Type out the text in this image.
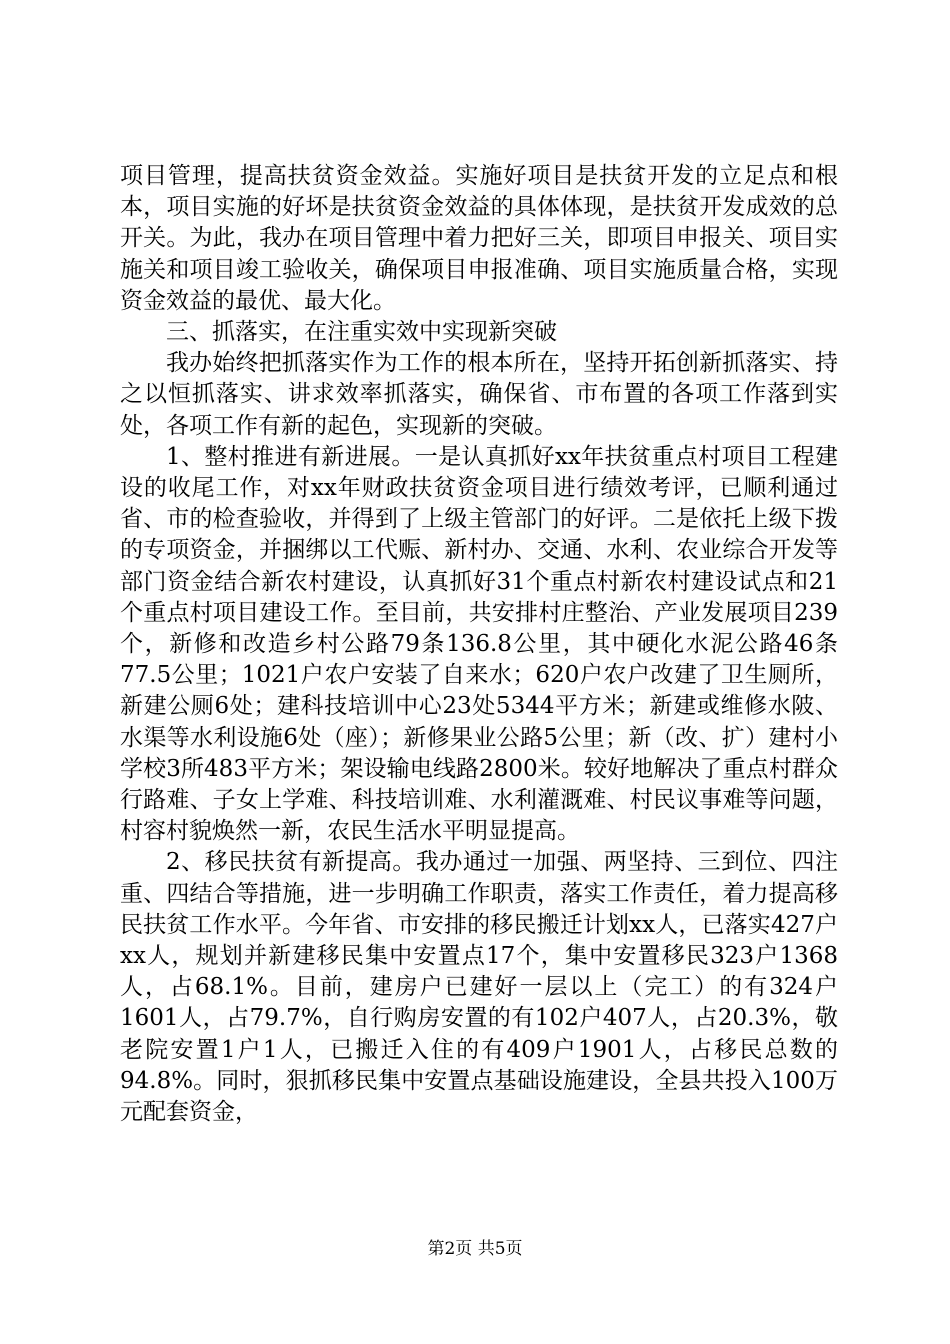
项目管理，提高扶贫资金效益。实施好项目是扶贫开发的立足点和根本，项目实施的好坏是扶贫资金效益的具体体现，是扶贫开发成效的总开关。为此，我办在项目管理中着力把好三关，即项目申报关、项目实施关和项目竣工验收关，确保项目申报准确、项目实施质量合格，实现资金效益的最优、最大化。

三、抓落实，在注重实效中实现新突破

我办始终把抓落实作为工作的根本所在，坚持开拓创新抓落实、持之以恒抓落实、讲求效率抓落实，确保省、市布置的各项工作落到实处，各项工作有新的起色，实现新的突破。

1、整村推进有新进展。一是认真抓好xx年扶贫重点村项目工程建设的收尾工作，对xx年财政扶贫资金项目进行绩效考评，已顺利通过省、市的检查验收，并得到了上级主管部门的好评。二是依托上级下拨的专项资金，并捆绑以工代赈、新村办、交通、水利、农业综合开发等部门资金结合新农村建设，认真抓好31个重点村新农村建设试点和21个重点村项目建设工作。至目前，共安排村庄整治、产业发展项目239个，新修和改造乡村公路79条136.8公里，其中硬化水泥公路46条77.5公里；1021户农户安装了自来水；620户农户改建了卫生厕所，新建公厕6处；建科技培训中心23处5344平方米；新建或维修水陂、水渠等水利设施6处（座）；新修果业公路5公里；新（改、扩）建村小学校3所483平方米；架设输电线路2800米。较好地解决了重点村群众行路难、子女上学难、科技培训难、水利灌溉难、村民议事难等问题，村容村貌焕然一新，农民生活水平明显提高。

2、移民扶贫有新提高。我办通过一加强、两坚持、三到位、四注重、四结合等措施，进一步明确工作职责，落实工作责任，着力提高移民扶贫工作水平。今年省、市安排的移民搬迁计划xx人，已落实427户xx人，规划并新建移民集中安置点17个，集中安置移民323户1368人，占68.1%。目前，建房户已建好一层以上（完工）的有324户1601人，占79.7%，自行购房安置的有102户407人，占20.3%，敬老院安置1户1人，已搬迁入住的有409户1901人，占移民总数的94.8%。同时，狠抓移民集中安置点基础设施建设，全县共投入100万元配套资金，

第2页 共5页
